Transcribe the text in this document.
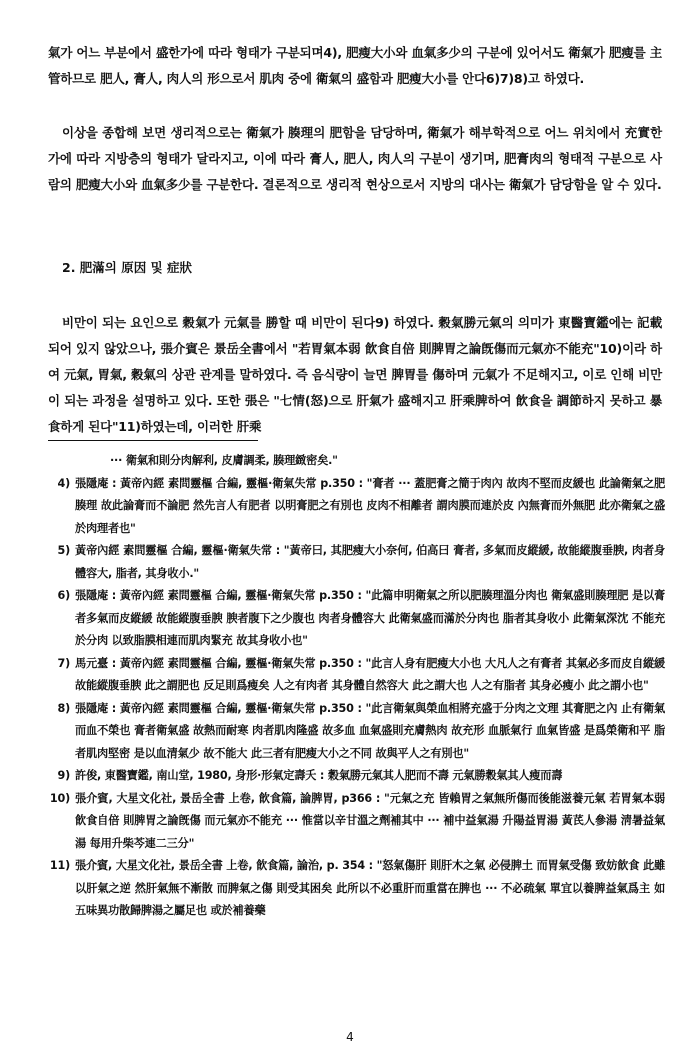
氣가 어느 부분에서 盛한가에 따라 형태가 구분되며4), 肥瘦大小와 血氣多少의 구분에 있어서도 衛氣가 肥瘦를 主管하므로 肥人, 膏人, 肉人의 形으로서 肌肉 중에 衛氣의 盛함과 肥瘦大小를 안다6)7)8)고 하였다.
이상을 종합해 보면 생리적으로는 衛氣가 腠理의 肥함을 담당하며, 衛氣가 해부학적으로 어느 위치에서 充實한가에 따라 지방층의 형태가 달라지고, 이에 따라 膏人, 肥人, 肉人의 구분이 생기며, 肥膏肉의 형태적 구분으로 사람의 肥瘦大小와 血氣多少를 구분한다. 결론적으로 생리적 현상으로서 지방의 대사는 衛氣가 담당함을 알 수 있다.
2. 肥滿의 原因 및 症狀
비만이 되는 요인으로 穀氣가 元氣를 勝할 때 비만이 된다9) 하였다. 穀氣勝元氣의 의미가 東醫寶鑑에는 記載되어 있지 않았으나, 張介賓은 景岳全書에서 "若胃氣本弱 飮食自倍 則脾胃之論旣傷而元氣亦不能充"10)이라 하여 元氣, 胃氣, 穀氣의 상관 관계를 말하였다. 즉 음식량이 늘면 脾胃를 傷하며 元氣가 不足해지고, 이로 인해 비만이 되는 과정을 설명하고 있다. 또한 張은 "七情(怒)으로 肝氣가 盛해지고 肝乘脾하여 飮食을 調節하지 못하고 暴食하게 된다"11)하였는데, 이러한 肝乘
··· 衛氣和則分肉解利, 皮膚調柔, 腠理緻密矣."
4) 張隱庵 : 黃帝內經 素問靈樞 合編, 靈樞·衛氣失常 p.350 : "膏者 ··· 蓋肥膏之簡于肉內 故肉不堅而皮緩也 此論衛氣之肥腠理 故此論膏而不論肥 然先言人有肥者 以明膏肥之有別也 皮肉不相離者 謂肉膜而連於皮 內無膏而外無肥 此亦衛氣之盛於肉理者也"
5) 黃帝內經 素問靈樞 合編, 靈樞·衛氣失常 : "黃帝曰, 其肥瘦大小奈何, 伯高曰 膏者, 多氣而皮縱緩, 故能縱腹垂腴, 肉者身體容大, 脂者, 其身收小."
6) 張隱庵 : 黃帝內經 素問靈樞 合編, 靈樞·衛氣失常 p.350 : "此篇申明衛氣之所以肥腠理溫分肉也 衛氣盛則腠理肥 是以膏者多氣而皮縱緩 故能縱腹垂腴 腴者腹下之少腹也 肉者身體容大 此衛氣盛而滿於分肉也 脂者其身收小 此衛氣深沈 不能充於分肉 以致脂膜相連而肌肉緊充 故其身收小也"
7) 馬元臺 : 黃帝內經 素問靈樞 合編, 靈樞·衛氣失常 p.350 : "此言人身有肥瘦大小也 大凡人之有膏者 其氣必多而皮自縱緩 故能縱腹垂腴 此之謂肥也 反足則爲瘦矣 人之有肉者 其身體自然容大 此之謂大也 人之有脂者 其身必瘦小 此之謂小也"
8) 張隱庵 : 黃帝內經 素問靈樞 合編, 靈樞·衛氣失常 p.350 : "此言衛氣與榮血相將充盛于分肉之文理 其膏肥之內 止有衛氣而血不榮也 膏者衛氣盛 故熱而耐寒 肉者肌肉隆盛 故多血 血氣盛則充膚熱肉 故充形 血脈氣行 血氣皆盛 是爲榮衛和平 脂者肌肉堅密 是以血清氣少 故不能大 此三者有肥瘦大小之不同 故與平人之有別也"
9) 許俊, 東醫寶鑑, 南山堂, 1980, 身形·形氣定壽夭 : 穀氣勝元氣其人肥而不壽 元氣勝穀氣其人瘦而壽
10) 張介賓, 大星文化社, 景岳全書 上卷, 飮食篇, 論脾胃, p366 : "元氣之充 皆賴胃之氣無所傷而後能滋養元氣 若胃氣本弱 飮食自倍 則脾胃之論旣傷 而元氣亦不能充 ··· 惟當以辛甘溫之劑補其中 ··· 補中益氣湯 升陽益胃湯 黃芪人參湯 淸暑益氣湯 每用升柴芩連二三分"
11) 張介賓, 大星文化社, 景岳全書 上卷, 飮食篇, 論治, p. 354 : "怒氣傷肝 則肝木之氣 必侵脾土 而胃氣受傷 致妨飮食 此雖以肝氣之逆 然肝氣無不漸散 而脾氣之傷 則受其困矣 此所以不必重肝而重當在脾也 ··· 不必疏氣 單宜以養脾益氣爲主 如五味異功散歸脾湯之屬足也 或於補養藥
4
